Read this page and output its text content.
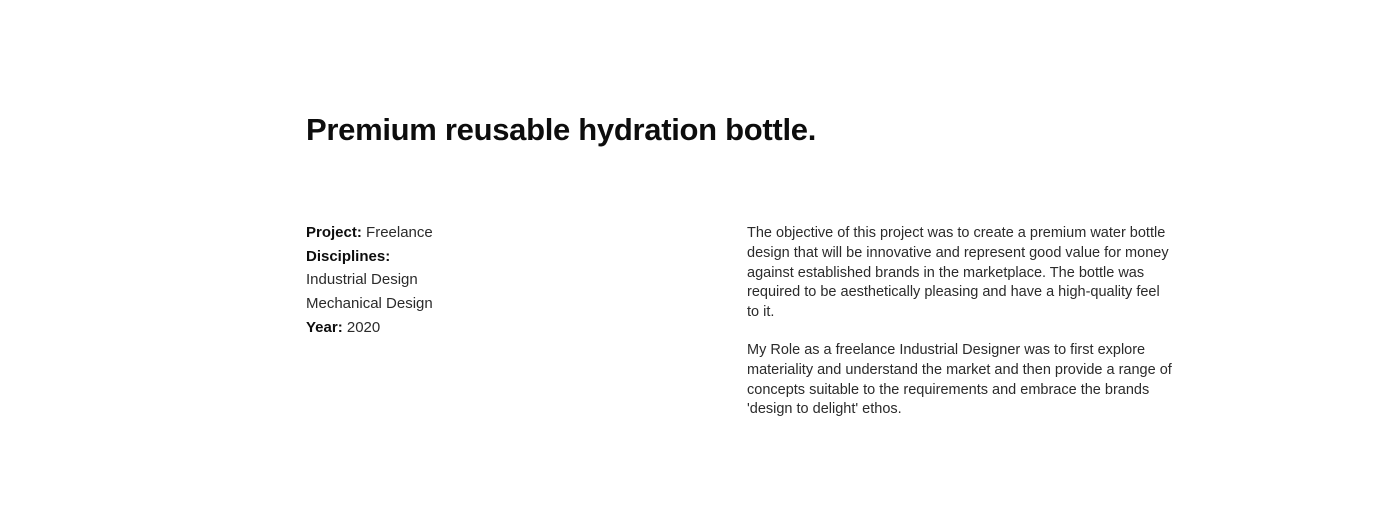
Premium reusable hydration bottle.
Project: Freelance
Disciplines:
Industrial Design
Mechanical Design
Year: 2020

The objective of this project was to create a premium water bottle design that will be innovative and represent good value for money against established brands in the marketplace. The bottle was required to be aesthetically pleasing and have a high-quality feel to it.

My Role as a freelance Industrial Designer was to first explore materiality and understand the market and then provide a range of concepts suitable to the requirements and embrace the brands 'design to delight' ethos.
